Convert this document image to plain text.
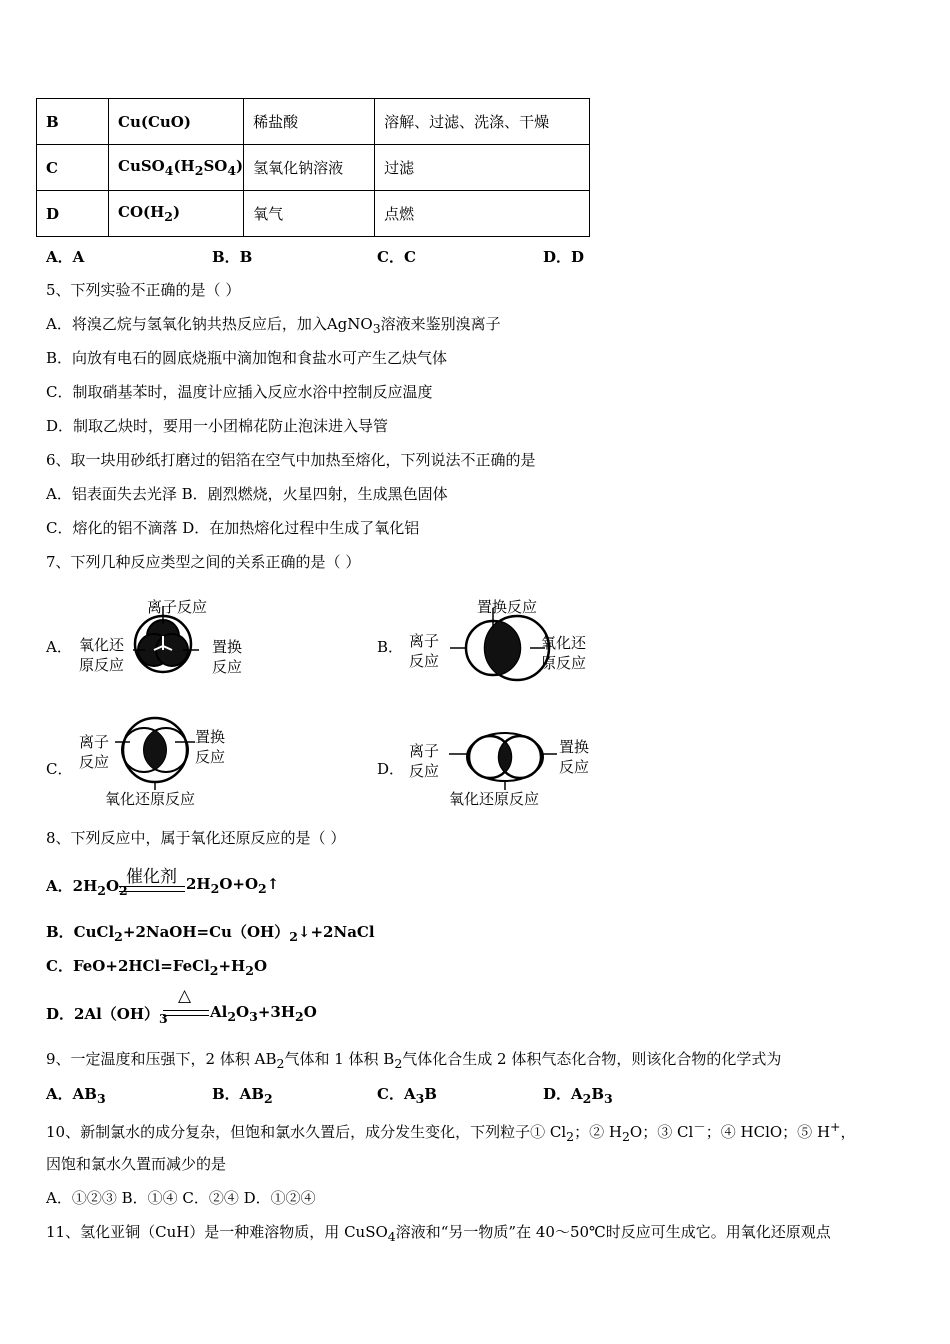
B	Cu(CuO)	稀盐酸	溶解、过滤、洗涤、干燥
C	$CuSO_4(H_2SO_4)$	氢氧化钠溶液	过滤
D	$CO(H_2)$	氧气	点燃
A．A	B．B	C．C	D．D
5、下列实验不正确的是（ ）
A．将溴乙烷与氢氧化钠共热反应后，加入AgNO$_3$溶液来鉴别溴离子
B．向放有电石的圆底烧瓶中滴加饱和食盐水可产生乙炔气体
C．制取硝基苯时，温度计应插入反应水浴中控制反应温度
D．制取乙炔时，要用一小团棉花防止泡沫进入导管
6、取一块用砂纸打磨过的铝箔在空气中加热至熔化，下列说法不正确的是
A．铝表面失去光泽 B．剧烈燃烧，火星四射，生成黑色固体
C．熔化的铝不滴落 D．在加热熔化过程中生成了氧化铝
7、下列几种反应类型之间的关系正确的是（ ）
A．	B．
C．	D．
离子反应
氧化还
原反应
置换
反应
置换反应
离子
反应
氧化还
原反应
离子
反应
置换
反应
氧化还原反应
离子
反应
置换
反应
氧化还原反应
8、下列反应中，属于氧化还原反应的是（ ）
A．$2H_2O_2$
催化剂 $2H_2O+O_2↑$
B．$CuCl_2+2NaOH=Cu(OH)_2↓+2NaCl$
C．$FeO+2HCl=FeCl_2+H_2O$
D．$2Al(OH)_3$
△
$Al_2O_3+3H_2O$
9、一定温度和压强下，2 体积 $AB_2$气体和 1 体积 $B_2$气体化合生成 2 体积气态化合物，则该化合物的化学式为
A．$AB_3$	B．$AB_2$	C．$A_3B$	D．$A_2B_3$
10、新制氯水的成分复杂，但饱和氯水久置后，成分发生变化，下列粒子① $Cl_2$；② $H_2O$；③ Cl－；④ HClO；⑤ H+，
因饱和氯水久置而减少的是
A．①②③ B．①④ C．②④ D．①②④
11、氢化亚铜（CuH）是一种难溶物质，用 CuSO$_4$溶液和“另一物质”在 40～50℃时反应可生成它。用氧化还原观点
